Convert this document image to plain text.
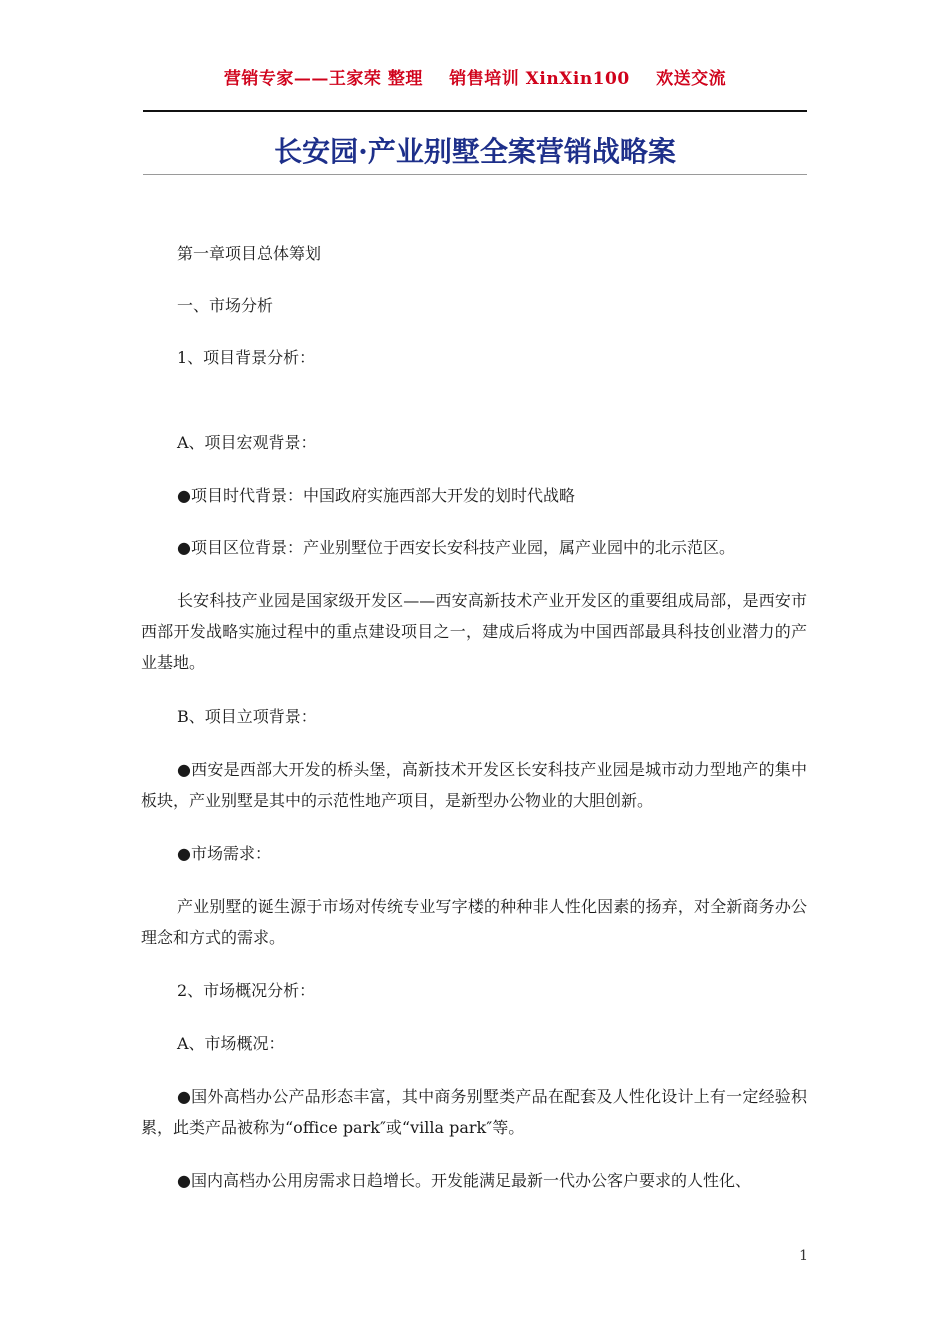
营销专家——王家荣 整理 销售培训 XinXin100 欢送交流
长安园·产业别墅全案营销战略案

第一章项目总体筹划

一、市场分析

1、项目背景分析：

A、项目宏观背景：

●项目时代背景：中国政府实施西部大开发的划时代战略

●项目区位背景：产业别墅位于西安长安科技产业园，属产业园中的北示范区。

长安科技产业园是国家级开发区——西安高新技术产业开发区的重要组成局部，是西安市西部开发战略实施过程中的重点建设项目之一，建成后将成为中国西部最具科技创业潜力的产业基地。

B、项目立项背景：

●西安是西部大开发的桥头堡，高新技术开发区长安科技产业园是城市动力型地产的集中板块，产业别墅是其中的示范性地产项目，是新型办公物业的大胆创新。

●市场需求：

产业别墅的诞生源于市场对传统专业写字楼的种种非人性化因素的扬弃，对全新商务办公理念和方式的需求。

2、市场概况分析：

A、市场概况：

●国外高档办公产品形态丰富，其中商务别墅类产品在配套及人性化设计上有一定经验积累，此类产品被称为“office park″或“villa park″等。

●国内高档办公用房需求日趋增长。开发能满足最新一代办公客户要求的人性化、

1
